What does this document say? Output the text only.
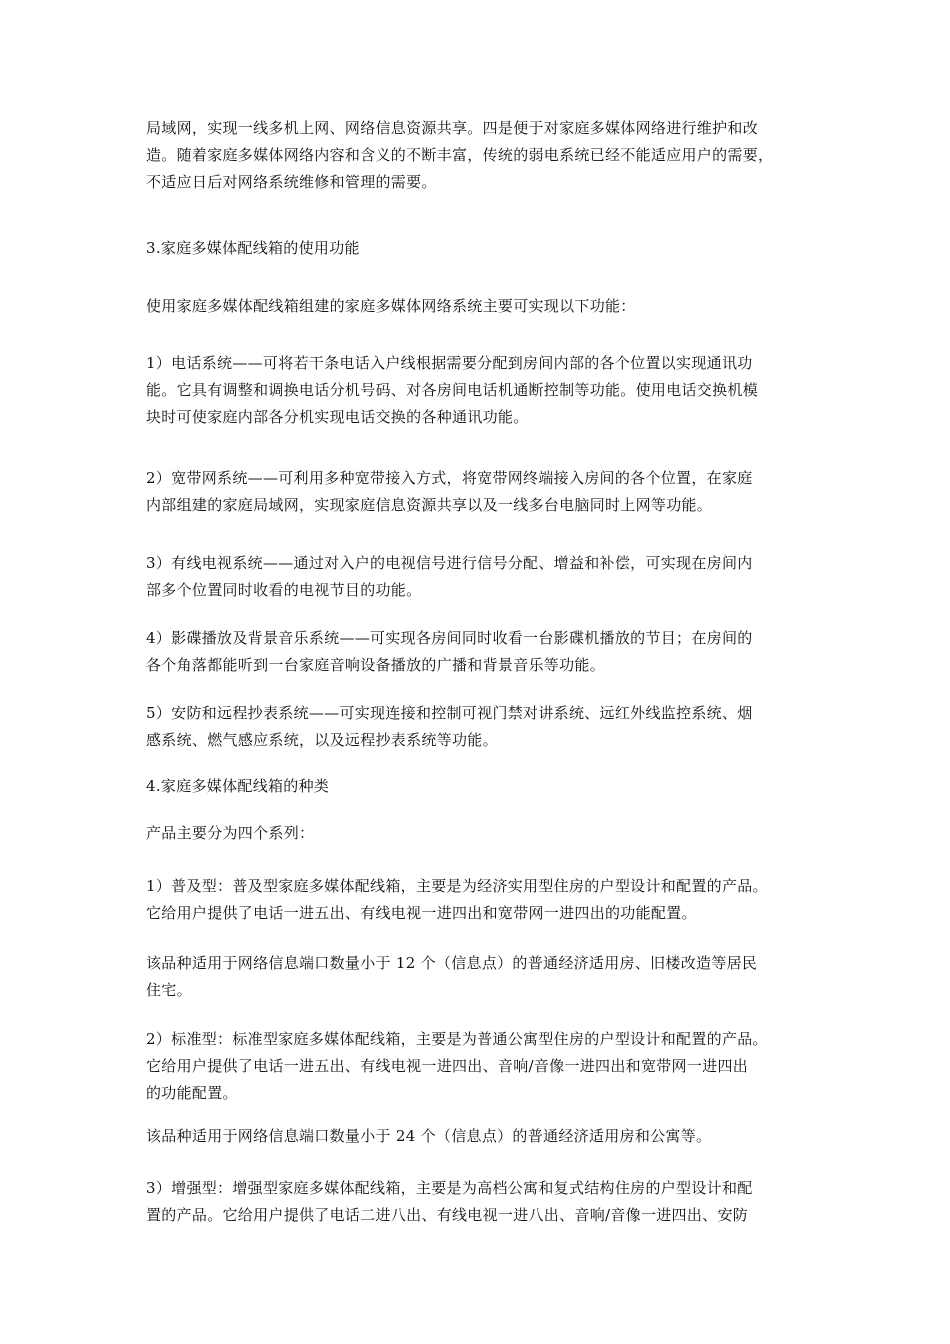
局域网，实现一线多机上网、网络信息资源共享。四是便于对家庭多媒体网络进行维护和改
造。随着家庭多媒体网络内容和含义的不断丰富，传统的弱电系统已经不能适应用户的需要，
不适应日后对网络系统维修和管理的需要。

3.家庭多媒体配线箱的使用功能

使用家庭多媒体配线箱组建的家庭多媒体网络系统主要可实现以下功能：

1）电话系统——可将若干条电话入户线根据需要分配到房间内部的各个位置以实现通讯功
能。它具有调整和调换电话分机号码、对各房间电话机通断控制等功能。使用电话交换机模
块时可使家庭内部各分机实现电话交换的各种通讯功能。

2）宽带网系统——可利用多种宽带接入方式，将宽带网终端接入房间的各个位置，在家庭
内部组建的家庭局域网，实现家庭信息资源共享以及一线多台电脑同时上网等功能。

3）有线电视系统——通过对入户的电视信号进行信号分配、增益和补偿，可实现在房间内
部多个位置同时收看的电视节目的功能。

4）影碟播放及背景音乐系统——可实现各房间同时收看一台影碟机播放的节目；在房间的
各个角落都能听到一台家庭音响设备播放的广播和背景音乐等功能。

5）安防和远程抄表系统——可实现连接和控制可视门禁对讲系统、远红外线监控系统、烟
感系统、燃气感应系统，以及远程抄表系统等功能。

4.家庭多媒体配线箱的种类

产品主要分为四个系列：

1）普及型：普及型家庭多媒体配线箱，主要是为经济实用型住房的户型设计和配置的产品。
它给用户提供了电话一进五出、有线电视一进四出和宽带网一进四出的功能配置。

该品种适用于网络信息端口数量小于 12 个（信息点）的普通经济适用房、旧楼改造等居民
住宅。

2）标准型：标准型家庭多媒体配线箱，主要是为普通公寓型住房的户型设计和配置的产品。
它给用户提供了电话一进五出、有线电视一进四出、音响/音像一进四出和宽带网一进四出
的功能配置。

该品种适用于网络信息端口数量小于 24 个（信息点）的普通经济适用房和公寓等。

3）增强型：增强型家庭多媒体配线箱，主要是为高档公寓和复式结构住房的户型设计和配
置的产品。它给用户提供了电话二进八出、有线电视一进八出、音响/音像一进四出、安防
